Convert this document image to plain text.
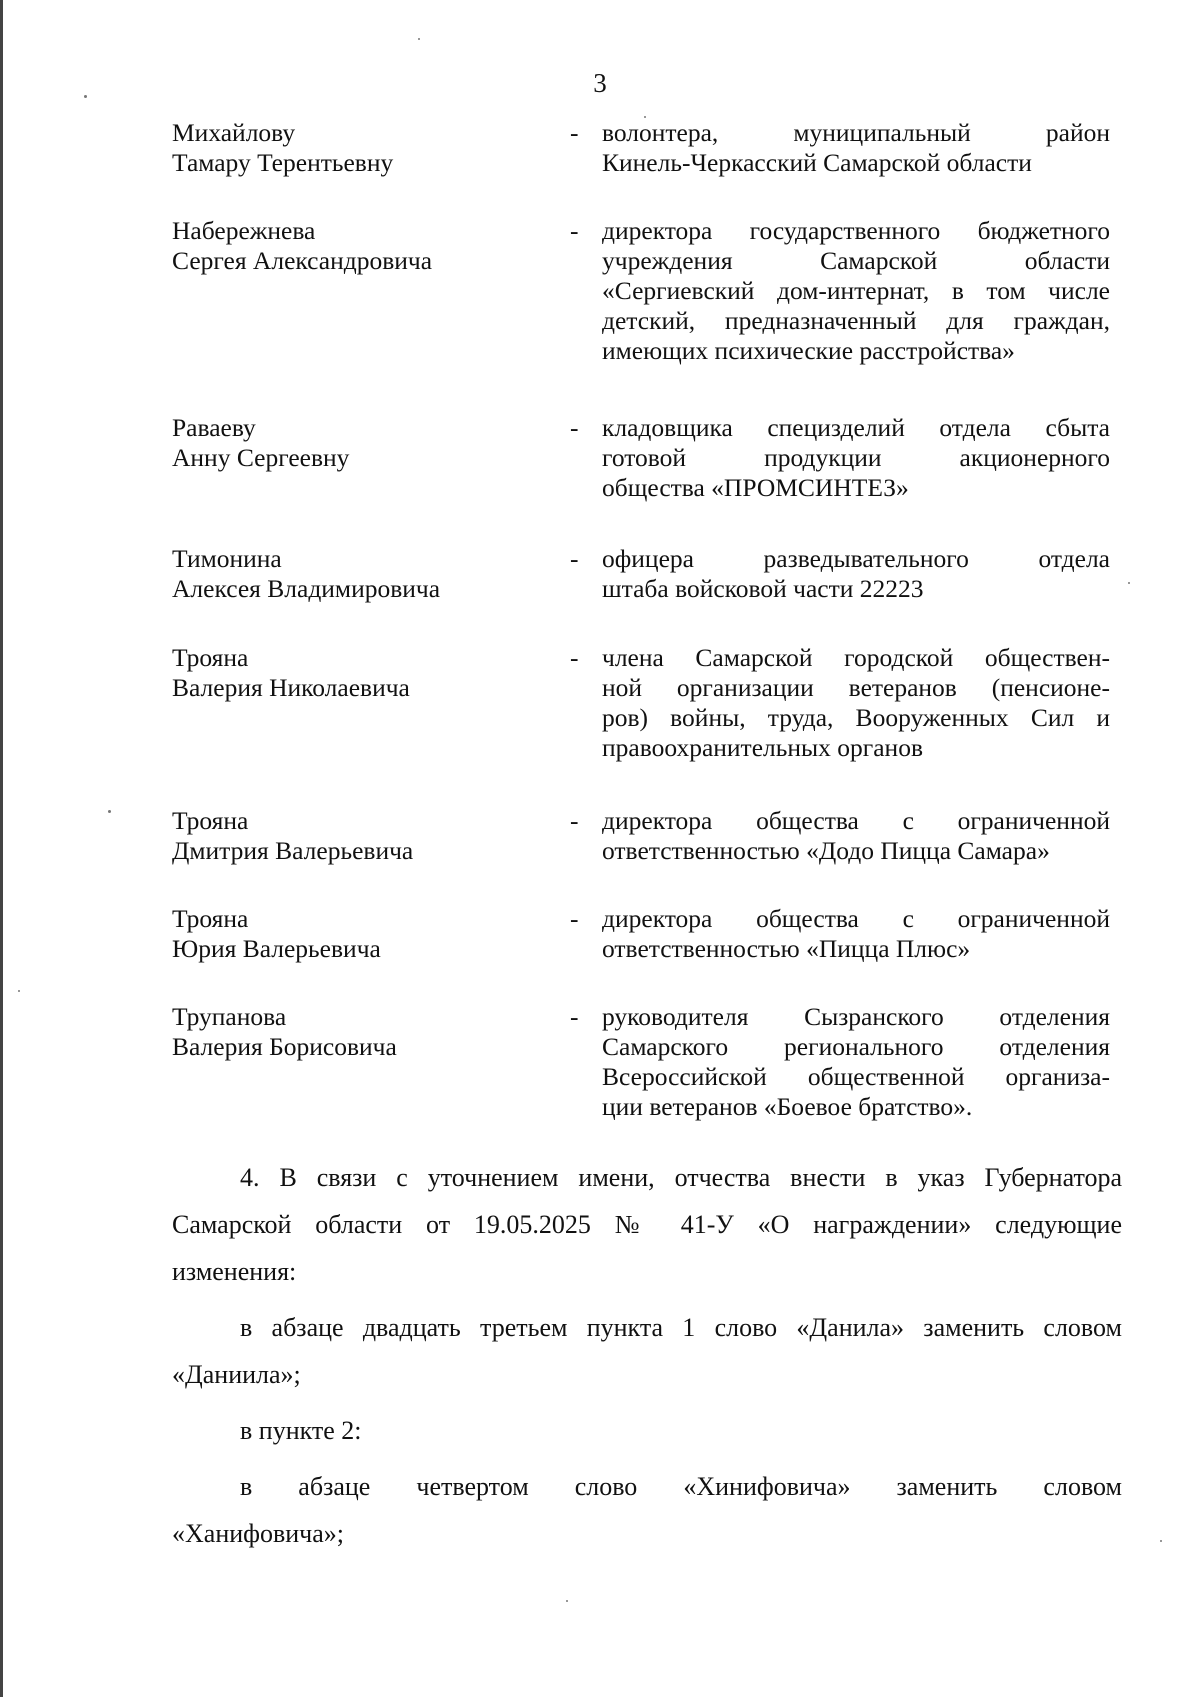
3
Михайлову
Тамару Терентьевну
- волонтера, муниципальный район
Кинель-Черкасский Самарской области
Набережнева
Сергея Александровича
- директора государственного бюджетного
учреждения Самарской области
«Сергиевский дом-интернат, в том числе
детский, предназначенный для граждан,
имеющих психические расстройства»
Раваеву
Анну Сергеевну
- кладовщика специзделий отдела сбыта
готовой продукции акционерного
общества «ПРОМСИНТЕЗ»
Тимонина
Алексея Владимировича
- офицера разведывательного отдела
штаба войсковой части 22223
Трояна
Валерия Николаевича
- члена Самарской городской обществен-
ной организации ветеранов (пенсионе-
ров) войны, труда, Вооруженных Сил и
правоохранительных органов
Трояна
Дмитрия Валерьевича
- директора общества с ограниченной
ответственностью «Додо Пицца Самара»
Трояна
Юрия Валерьевича
- директора общества с ограниченной
ответственностью «Пицца Плюс»
Трупанова
Валерия Борисовича
- руководителя Сызранского отделения
Самарского регионального отделения
Всероссийской общественной организа-
ции ветеранов «Боевое братство».
4. В связи с уточнением имени, отчества внести в указ Губернатора
Самарской области от 19.05.2025 № 41-У «О награждении» следующие
изменения:
в абзаце двадцать третьем пункта 1 слово «Данила» заменить словом
«Даниила»;
в пункте 2:
в абзаце четвертом слово «Хинифовича» заменить словом
«Ханифовича»;
